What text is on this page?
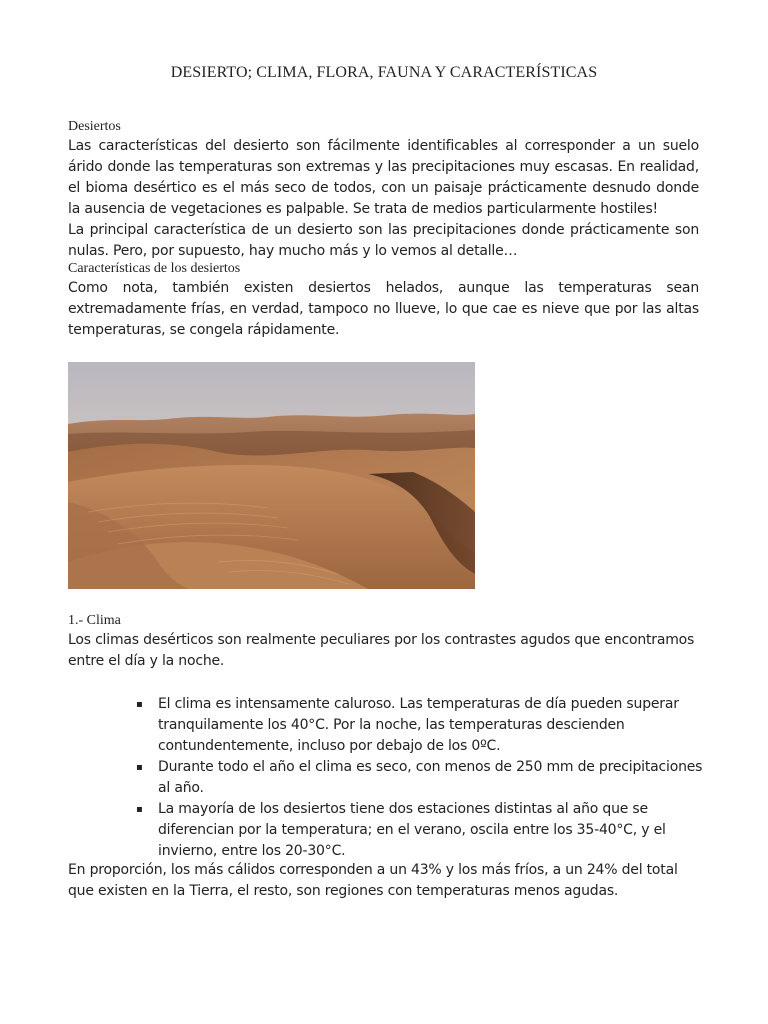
DESIERTO; CLIMA, FLORA, FAUNA Y CARACTERÍSTICAS

Desiertos

Las características del desierto son fácilmente identificables al corresponder a un suelo árido donde las temperaturas son extremas y las precipitaciones muy escasas. En realidad, el bioma desértico es el más seco de todos, con un paisaje prácticamente desnudo donde la ausencia de vegetaciones es palpable. Se trata de medios particularmente hostiles!

La principal característica de un desierto son las precipitaciones donde prácticamente son nulas. Pero, por supuesto, hay mucho más y lo vemos al detalle…

Características de los desiertos

Como nota, también existen desiertos helados, aunque las temperaturas sean extremadamente frías, en verdad, tampoco no llueve, lo que cae es nieve que por las altas temperaturas, se congela rápidamente.

1.- Clima

Los climas desérticos son realmente peculiares por los contrastes agudos que encontramos entre el día y la noche.

▪ El clima es intensamente caluroso. Las temperaturas de día pueden superar tranquilamente los 40°C. Por la noche, las temperaturas descienden contundentemente, incluso por debajo de los 0ºC.
▪ Durante todo el año el clima es seco, con menos de 250 mm de precipitaciones al año.
▪ La mayoría de los desiertos tiene dos estaciones distintas al año que se diferencian por la temperatura; en el verano, oscila entre los 35-40°C, y el invierno, entre los 20-30°C.

En proporción, los más cálidos corresponden a un 43% y los más fríos, a un 24% del total que existen en la Tierra, el resto, son regiones con temperaturas menos agudas.
